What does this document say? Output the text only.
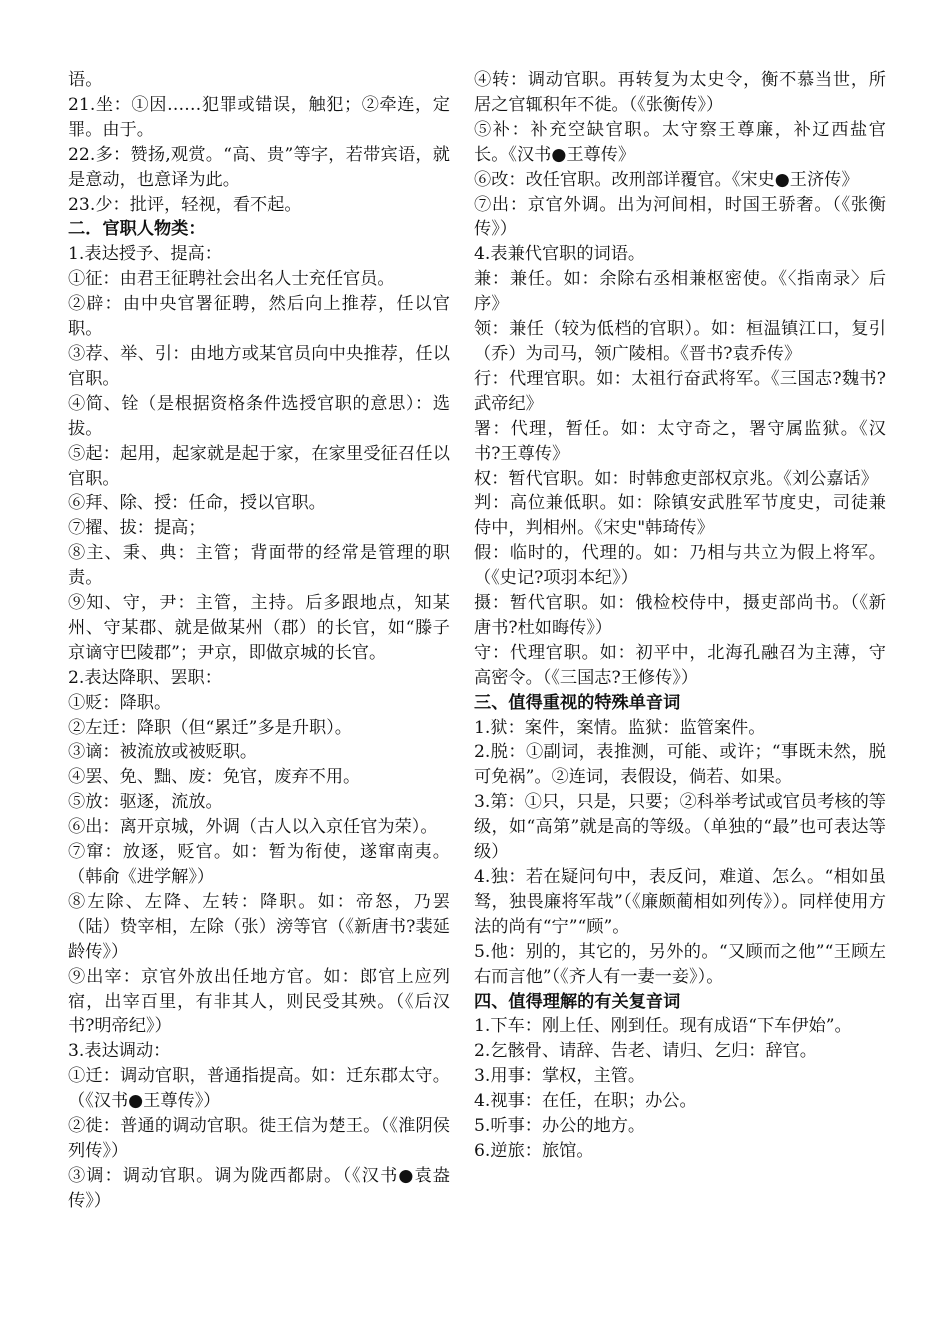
语。

21.坐：①因……犯罪或错误，触犯；②牵连，定罪。由于。

22.多：赞扬,观赏。“高、贵”等字，若带宾语，就是意动，也意译为此。

23.少：批评，轻视，看不起。

二．官职人物类：

1.表达授予、提高：

①征：由君王征聘社会出名人士充任官员。

②辟：由中央官署征聘，然后向上推荐，任以官职。

③荐、举、引：由地方或某官员向中央推荐，任以官职。

④简、铨（是根据资格条件选授官职的意思）：选拔。

⑤起：起用，起家就是起于家，在家里受征召任以官职。

⑥拜、除、授：任命，授以官职。

⑦擢、拔：提高；

⑧主、秉、典：主管；背面带的经常是管理的职责。

⑨知、守，尹：主管，主持。后多跟地点，知某州、守某郡、就是做某州（郡）的长官，如“滕子京谪守巴陵郡”；尹京，即做京城的长官。

2.表达降职、罢职：

①贬：降职。

②左迁：降职（但“累迁”多是升职）。

③谪：被流放或被贬职。

④罢、免、黜、废：免官，废弃不用。

⑤放：驱逐，流放。

⑥出：离开京城，外调（古人以入京任官为荣）。

⑦窜：放逐，贬官。如：暂为衔使，遂窜南夷。（韩俞《进学解》）

⑧左除、左降、左转：降职。如：帝怒，乃罢（陆）贽宰相，左除（张）滂等官（《新唐书?裴延龄传》）

⑨出宰：京官外放出任地方官。如：郎官上应列宿，出宰百里，有非其人，则民受其殃。（《后汉书?明帝纪》）

3.表达调动：

①迁：调动官职，普通指提高。如：迁东郡太守。（《汉书●王尊传》）

②徙：普通的调动官职。徙王信为楚王。（《淮阴侯列传》）

③调：调动官职。调为陇西都尉。（《汉书●袁盎传》）

④转：调动官职。再转复为太史令，衡不慕当世，所居之官辄积年不徙。（《张衡传》）

⑤补：补充空缺官职。太守察王尊廉，补辽西盐官长。《汉书●王尊传》

⑥改：改任官职。改刑部详覆官。《宋史●王济传》

⑦出：京官外调。出为河间相，时国王骄奢。（《张衡传》）

4.表兼代官职的词语。

兼：兼任。如：余除右丞相兼枢密使。《〈指南录〉后序》

领：兼任（较为低档的官职）。如：桓温镇江口，复引（乔）为司马，领广陵相。《晋书?袁乔传》

行：代理官职。如：太祖行奋武将军。《三国志?魏书?武帝纪》

署：代理，暂任。如：太守奇之，署守属监狱。《汉书?王尊传》

权：暂代官职。如：时韩愈吏部权京兆。《刘公嘉话》

判：高位兼低职。如：除镇安武胜军节度史，司徒兼侍中，判相州。《宋史"韩琦传》

假：临时的，代理的。如：乃相与共立为假上将军。（《史记?项羽本纪》）

摄：暂代官职。如：俄检校侍中，摄吏部尚书。（《新唐书?杜如晦传》）

守：代理官职。如：初平中，北海孔融召为主薄，守高密令。（《三国志?王修传》）

三、值得重视的特殊单音词

1.狱：案件，案情。监狱：监管案件。

2.脱：①副词，表推测，可能、或许；“事既未然，脱可免祸”。②连词，表假设，倘若、如果。

3.第：①只，只是，只要；②科举考试或官员考核的等级，如“高第”就是高的等级。（单独的“最”也可表达等级）

4.独：若在疑问句中，表反问，难道、怎么。“相如虽驽，独畏廉将军哉”（《廉颇蔺相如列传》）。同样使用方法的尚有“宁”“顾”。

5.他：别的，其它的，另外的。“又顾而之他”“王顾左右而言他”（《齐人有一妻一妾》）。

四、值得理解的有关复音词

1.下车：刚上任、刚到任。现有成语“下车伊始”。

2.乞骸骨、请辞、告老、请归、乞归：辞官。

3.用事：掌权，主管。

4.视事：在任，在职；办公。

5.听事：办公的地方。

6.逆旅：旅馆。
